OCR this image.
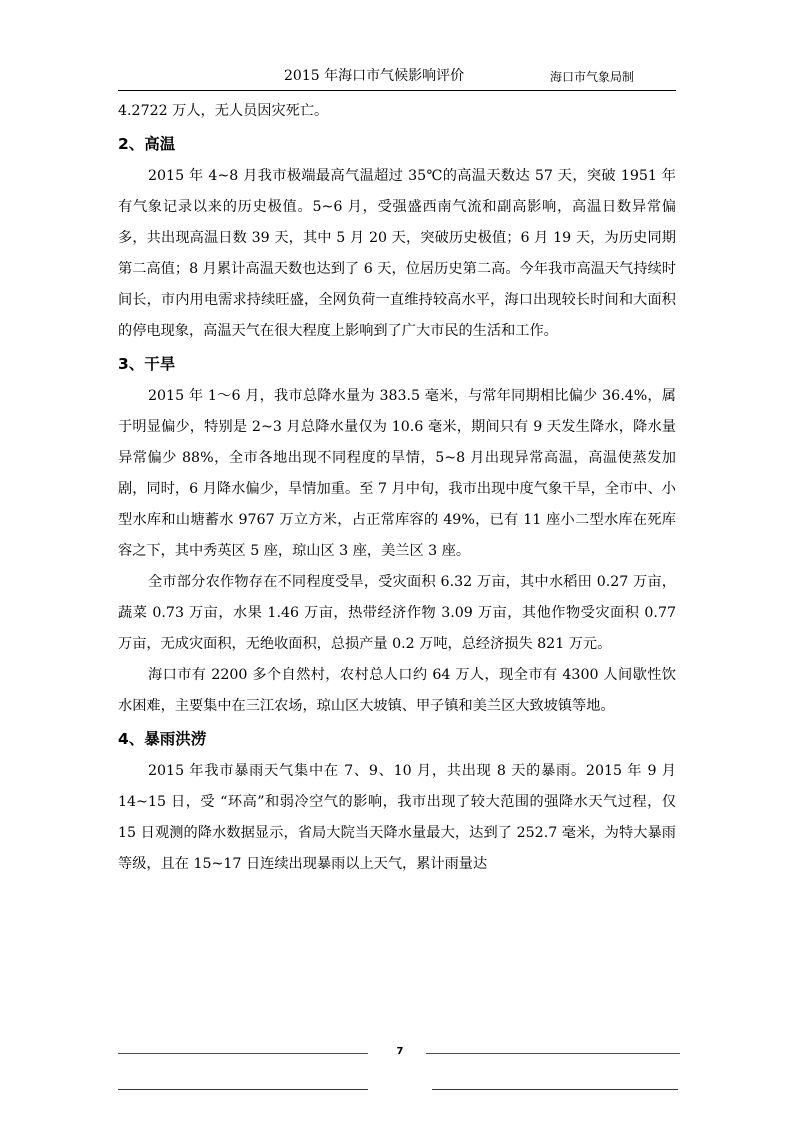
2015 年海口市气候影响评价	海口市气象局制

4.2722 万人，无人员因灾死亡。

2、高温

2015 年 4~8 月我市极端最高气温超过 35℃的高温天数达 57 天，突破 1951 年有气象记录以来的历史极值。5~6 月，受强盛西南气流和副高影响，高温日数异常偏多，共出现高温日数 39 天，其中 5 月 20 天，突破历史极值；6 月 19 天，为历史同期第二高值；8 月累计高温天数也达到了 6 天，位居历史第二高。今年我市高温天气持续时间长，市内用电需求持续旺盛，全网负荷一直维持较高水平，海口出现较长时间和大面积的停电现象，高温天气在很大程度上影响到了广大市民的生活和工作。

3、干旱

2015 年 1～6 月，我市总降水量为 383.5 毫米，与常年同期相比偏少 36.4%，属于明显偏少，特别是 2~3 月总降水量仅为 10.6 毫米，期间只有 9 天发生降水，降水量异常偏少 88%，全市各地出现不同程度的旱情，5~8 月出现异常高温，高温使蒸发加剧，同时，6 月降水偏少，旱情加重。至 7 月中旬，我市出现中度气象干旱，全市中、小型水库和山塘蓄水 9767 万立方米，占正常库容的 49%，已有 11 座小二型水库在死库容之下，其中秀英区 5 座，琼山区 3 座，美兰区 3 座。

全市部分农作物存在不同程度受旱，受灾面积 6.32 万亩，其中水稻田 0.27 万亩，蔬菜 0.73 万亩，水果 1.46 万亩，热带经济作物 3.09 万亩，其他作物受灾面积 0.77 万亩，无成灾面积，无绝收面积，总损产量 0.2 万吨，总经济损失 821 万元。

海口市有 2200 多个自然村，农村总人口约 64 万人，现全市有 4300 人间歇性饮水困难，主要集中在三江农场，琼山区大坡镇、甲子镇和美兰区大致坡镇等地。

4、暴雨洪涝

2015 年我市暴雨天气集中在 7、9、10 月，共出现 8 天的暴雨。2015 年 9 月 14~15 日，受 “环高”和弱冷空气的影响，我市出现了较大范围的强降水天气过程，仅 15 日观测的降水数据显示，省局大院当天降水量最大，达到了 252.7 毫米，为特大暴雨等级，且在 15~17 日连续出现暴雨以上天气，累计雨量达

7
